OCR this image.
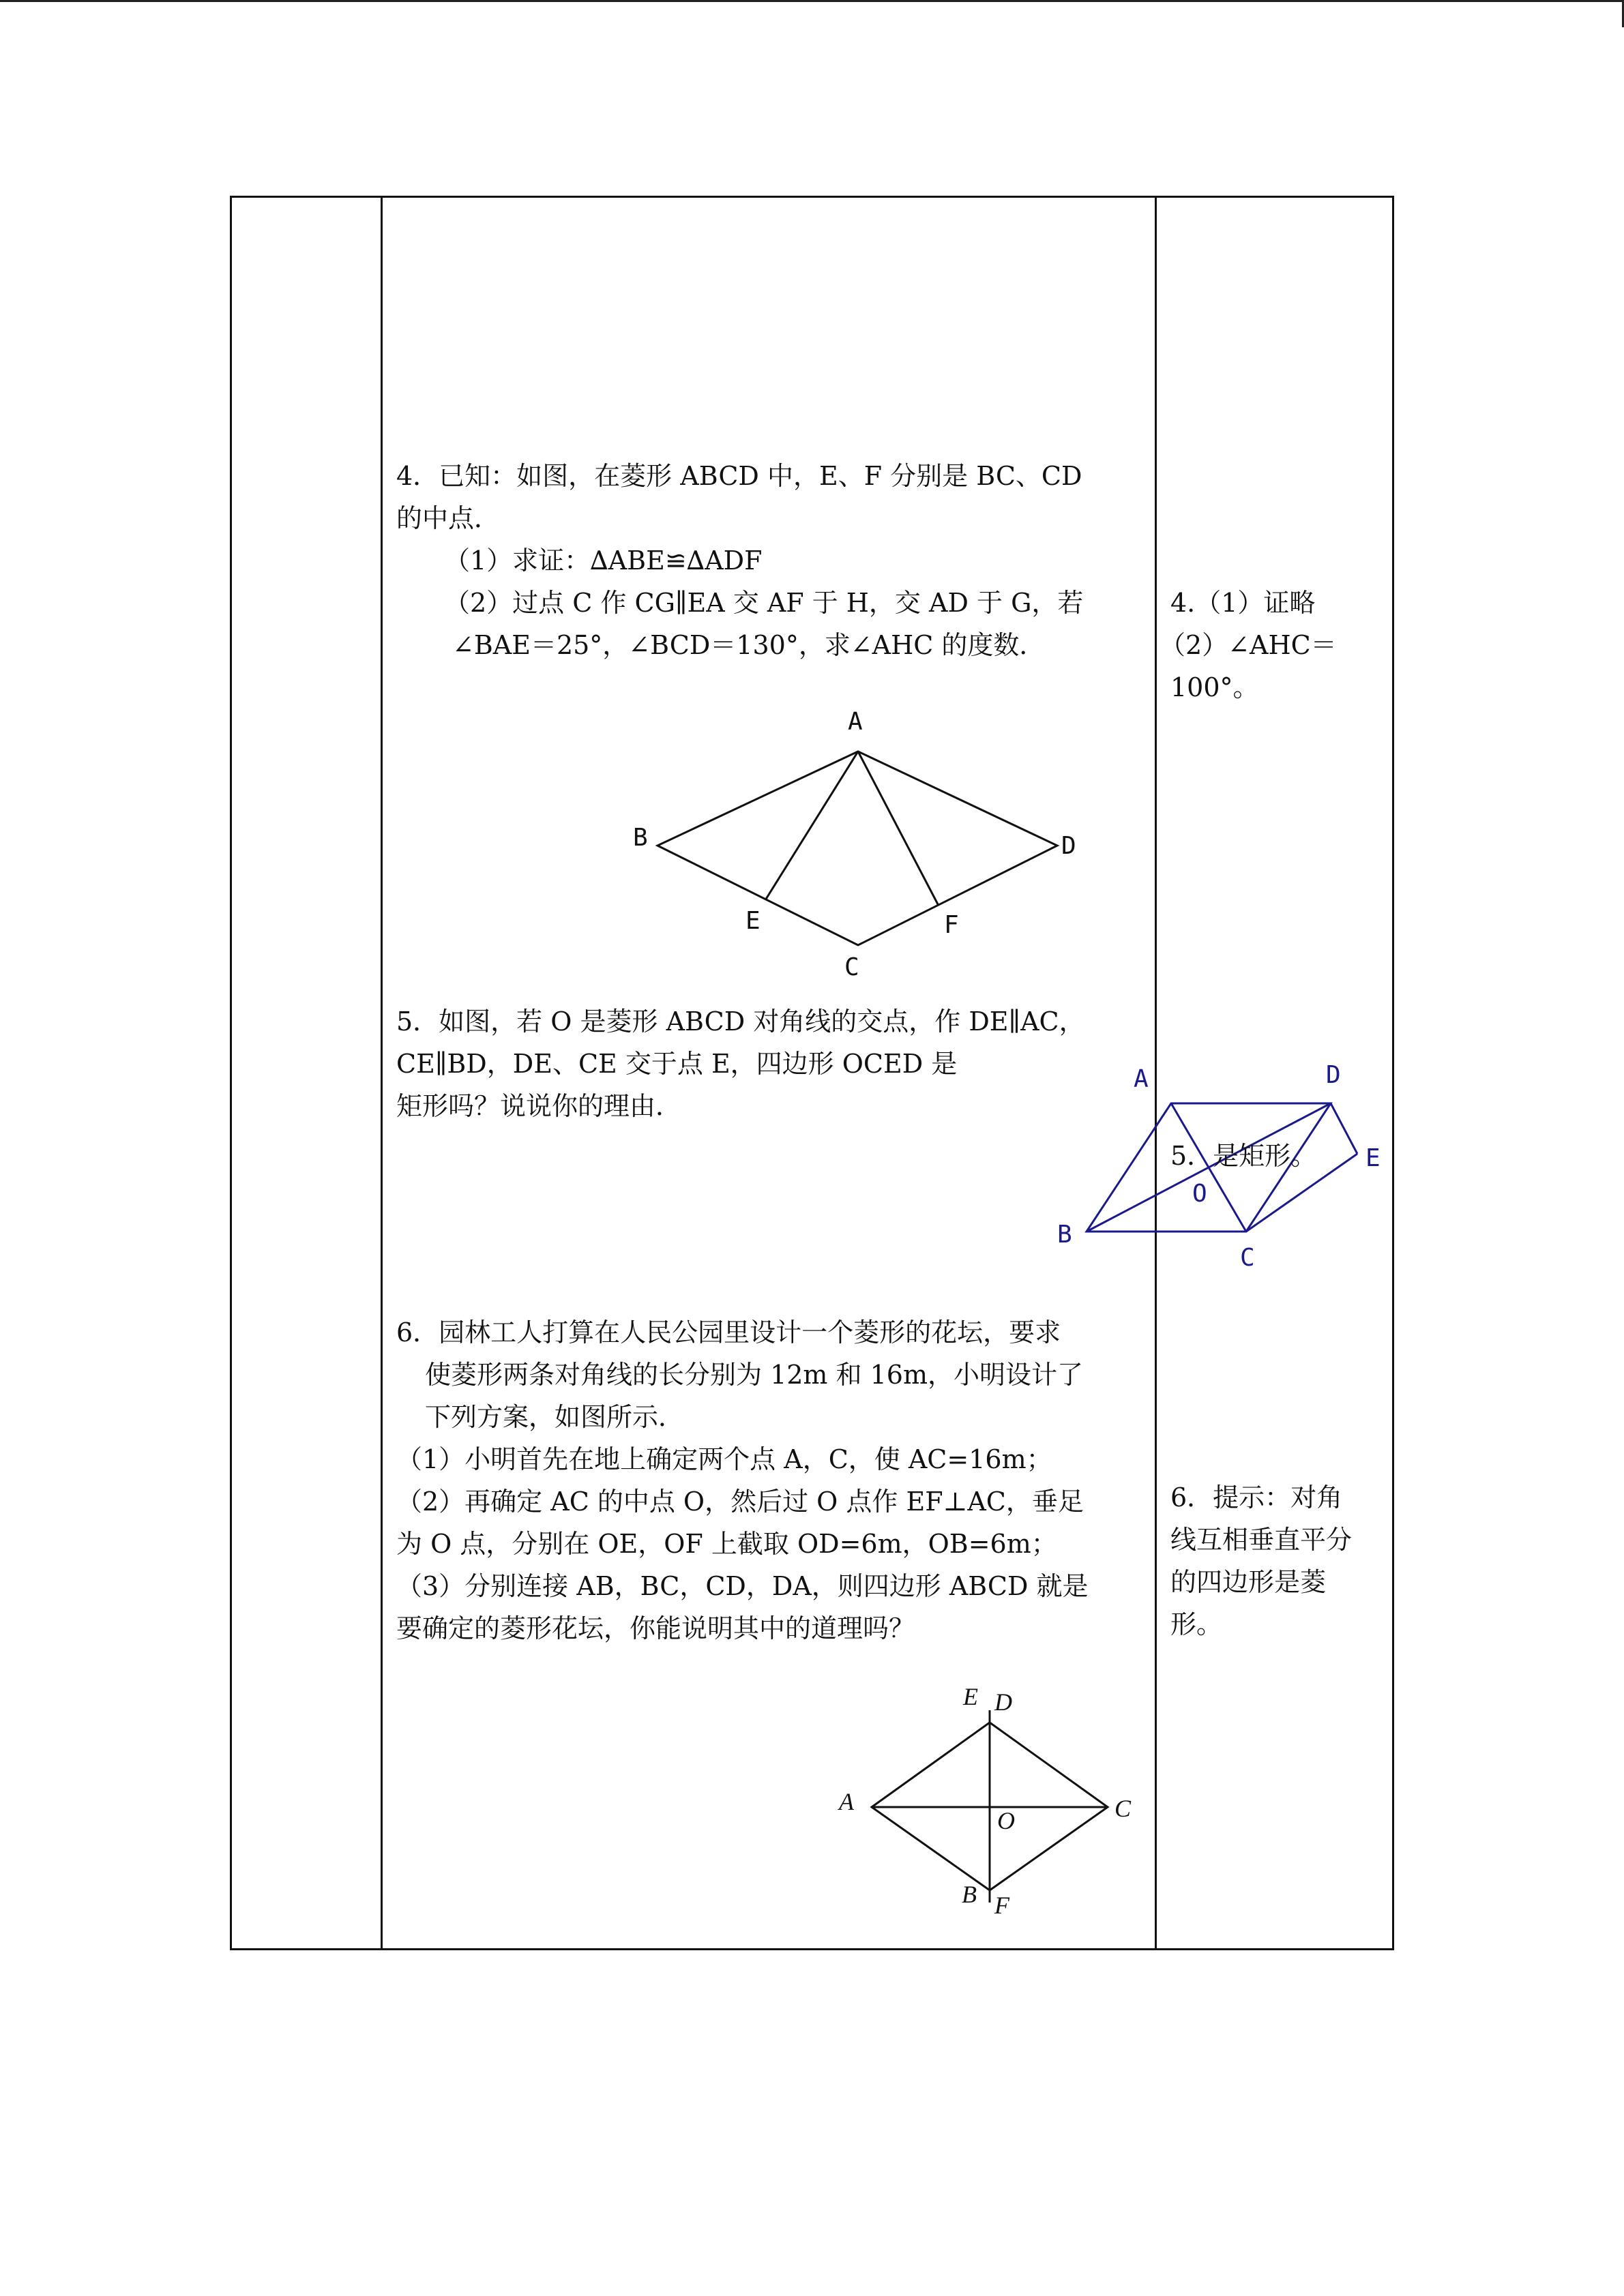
4．已知：如图，在菱形 ABCD 中，E、F 分别是 BC、CD
的中点．
（1）求证：∆ABE≌∆ADF
（2）过点 C 作 CG∥EA 交 AF 于 H，交 AD 于 G，若
∠BAE＝25°，∠BCD＝130°，求∠AHC 的度数．
4.（1）证略
（2）∠AHC＝
100°。
A
B
C
D
E	F
5．如图，若 O 是菱形 ABCD 对角线的交点，作 DE∥AC，
CE∥BD，DE、CE 交于点 E，四边形 OCED 是
矩形吗？说说你的理由．
A
B
C
D
E
O
5．是矩形。
6．园林工人打算在人民公园里设计一个菱形的花坛，要求
使菱形两条对角线的长分别为 12m 和 16m，小明设计了
下列方案，如图所示．
（1）小明首先在地上确定两个点 A，C，使 AC=16m；
（2）再确定 AC 的中点 O，然后过 O 点作 EF⊥AC，垂足
为 O 点，分别在 OE，OF 上截取 OD=6m，OB=6m；
（3）分别连接 AB，BC，CD，DA，则四边形 ABCD 就是
要确定的菱形花坛，你能说明其中的道理吗？
6．提示：对角
线互相垂直平分
的四边形是菱
形。
E D
A
O	C
B F
